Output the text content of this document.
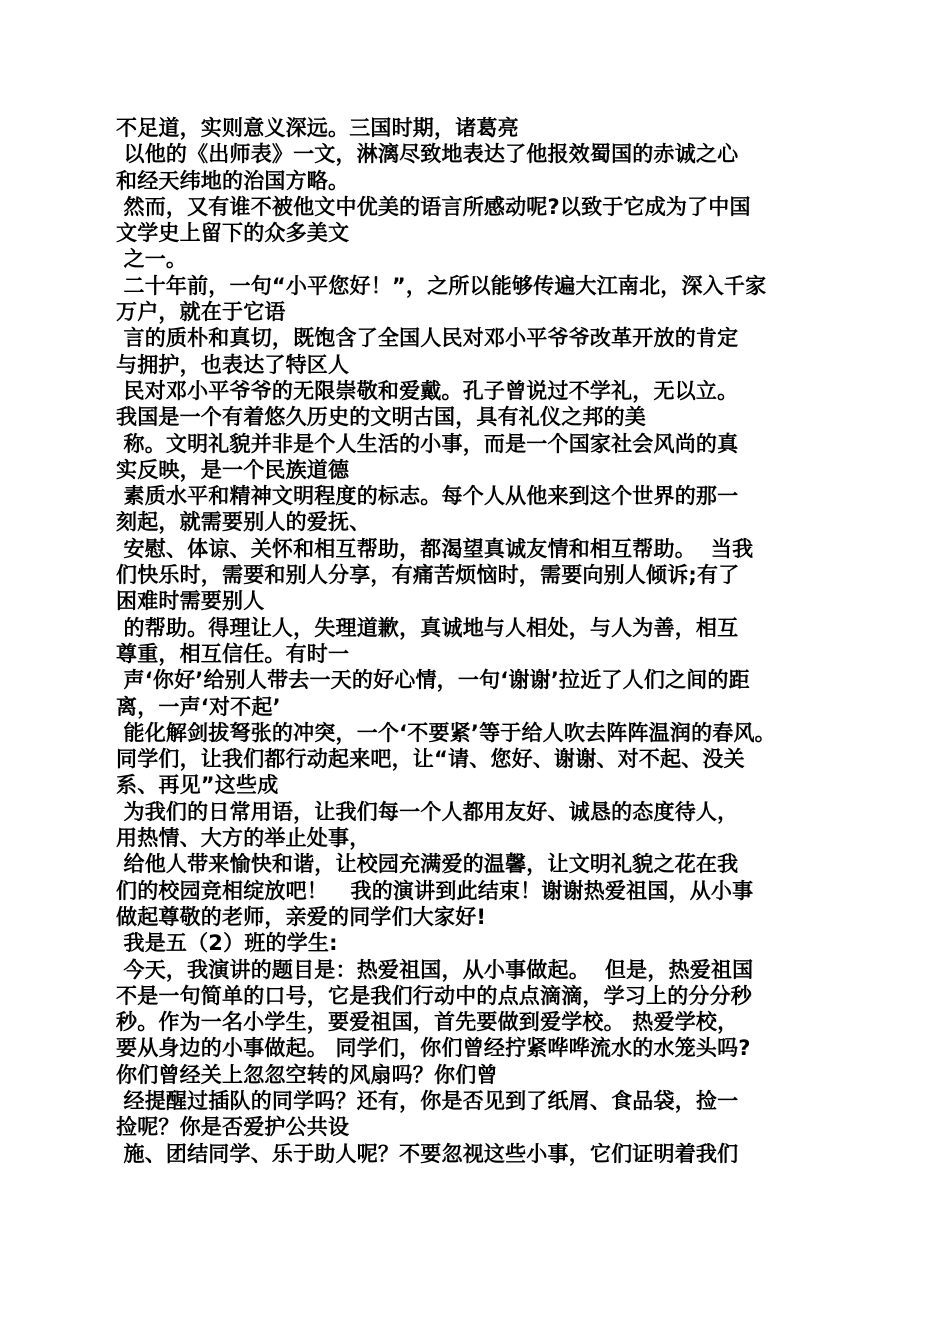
不足道，实则意义深远。三国时期，诸葛亮
以他的《出师表》一文，淋漓尽致地表达了他报效蜀国的赤诚之心
和经天纬地的治国方略。
然而，又有谁不被他文中优美的语言所感动呢?以致于它成为了中国
文学史上留下的众多美文
之一。
二十年前，一句“小平您好！”，之所以能够传遍大江南北，深入千家
万户，就在于它语
言的质朴和真切，既饱含了全国人民对邓小平爷爷改革开放的肯定
与拥护，也表达了特区人
民对邓小平爷爷的无限崇敬和爱戴。孔子曾说过不学礼，无以立。
我国是一个有着悠久历史的文明古国，具有礼仪之邦的美
称。文明礼貌并非是个人生活的小事，而是一个国家社会风尚的真
实反映，是一个民族道德
素质水平和精神文明程度的标志。每个人从他来到这个世界的那一
刻起，就需要别人的爱抚、
安慰、体谅、关怀和相互帮助，都渴望真诚友情和相互帮助。  当我
们快乐时，需要和别人分享，有痛苦烦恼时，需要向别人倾诉;有了
困难时需要别人
的帮助。得理让人，失理道歉，真诚地与人相处，与人为善，相互
尊重，相互信任。有时一
声‘你好’给别人带去一天的好心情，一句‘谢谢’拉近了人们之间的距
离，一声‘对不起’
能化解剑拔弩张的冲突，一个‘不要紧’等于给人吹去阵阵温润的春风。
同学们，让我们都行动起来吧，让“请、您好、谢谢、对不起、没关
系、再见”这些成
为我们的日常用语，让我们每一个人都用友好、诚恳的态度待人，
用热情、大方的举止处事，
给他人带来愉快和谐，让校园充满爱的温馨，让文明礼貌之花在我
们的校园竞相绽放吧！   我的演讲到此结束！谢谢热爱祖国，从小事
做起尊敬的老师，亲爱的同学们大家好!
我是五（2）班的学生:
今天，我演讲的题目是：热爱祖国，从小事做起。  但是，热爱祖国
不是一句简单的口号，它是我们行动中的点点滴滴，学习上的分分秒
秒。作为一名小学生，要爱祖国，首先要做到爱学校。 热爱学校，
要从身边的小事做起。 同学们，你们曾经拧紧哗哗流水的水笼头吗?
你们曾经关上忽忽空转的风扇吗？你们曾
经提醒过插队的同学吗？还有，你是否见到了纸屑、食品袋，捡一
捡呢？你是否爱护公共设
施、团结同学、乐于助人呢？不要忽视这些小事，它们证明着我们
